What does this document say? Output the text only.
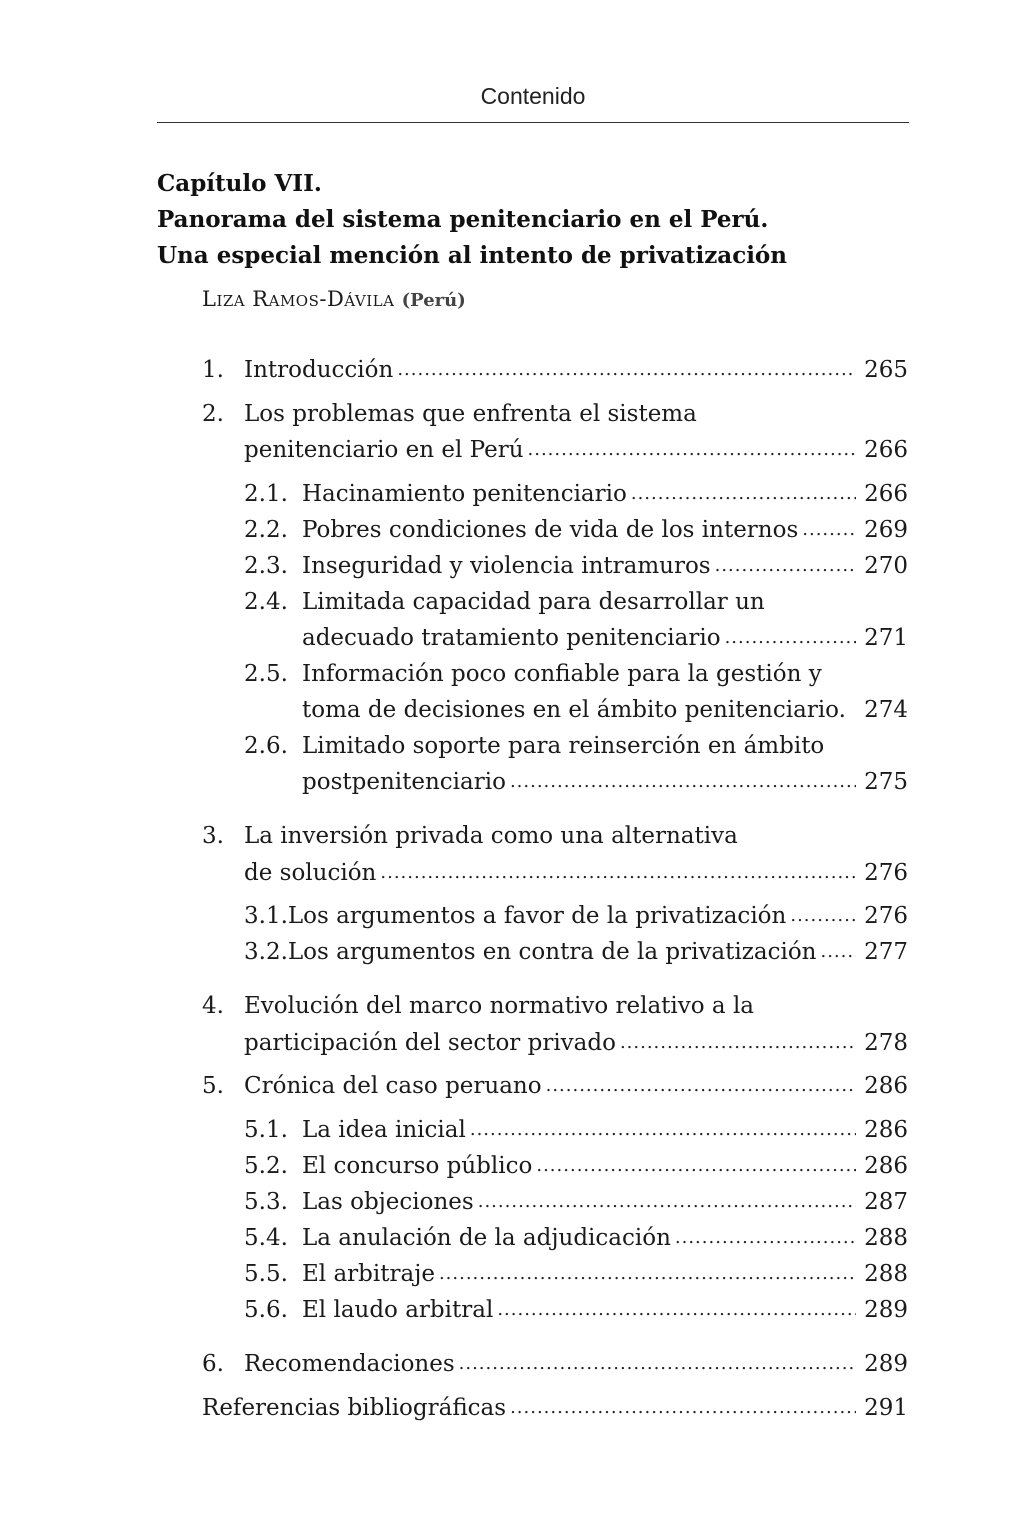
Contenido
Capítulo VII.
Panorama del sistema penitenciario en el Perú.
Una especial mención al intento de privatización
Liza Ramos-Dávila (Perú)
1. Introducción .....	265
2. Los problemas que enfrenta el sistema
penitenciario en el Perú .....	266
2.1. Hacinamiento penitenciario .....	266
2.2. Pobres condiciones de vida de los internos .....	269
2.3. Inseguridad y violencia intramuros .....	270
2.4. Limitada capacidad para desarrollar un
adecuado tratamiento penitenciario .....	271
2.5. Información poco confiable para la gestión y
toma de decisiones en el ámbito penitenciario. 274
2.6. Limitado soporte para reinserción en ámbito
postpenitenciario .....	275
3. La inversión privada como una alternativa
de solución .....	276
3.1. Los argumentos a favor de la privatización .....	276
3.2. Los argumentos en contra de la privatización ..... 277
4. Evolución del marco normativo relativo a la
participación del sector privado .....	278
5. Crónica del caso peruano .....	286
5.1. La idea inicial .....	286
5.2. El concurso público .....	286
5.3. Las objeciones .....	287
5.4. La anulación de la adjudicación .....	288
5.5. El arbitraje .....	288
5.6. El laudo arbitral .....	289
6. Recomendaciones .....	289
Referencias bibliográficas .....	291
